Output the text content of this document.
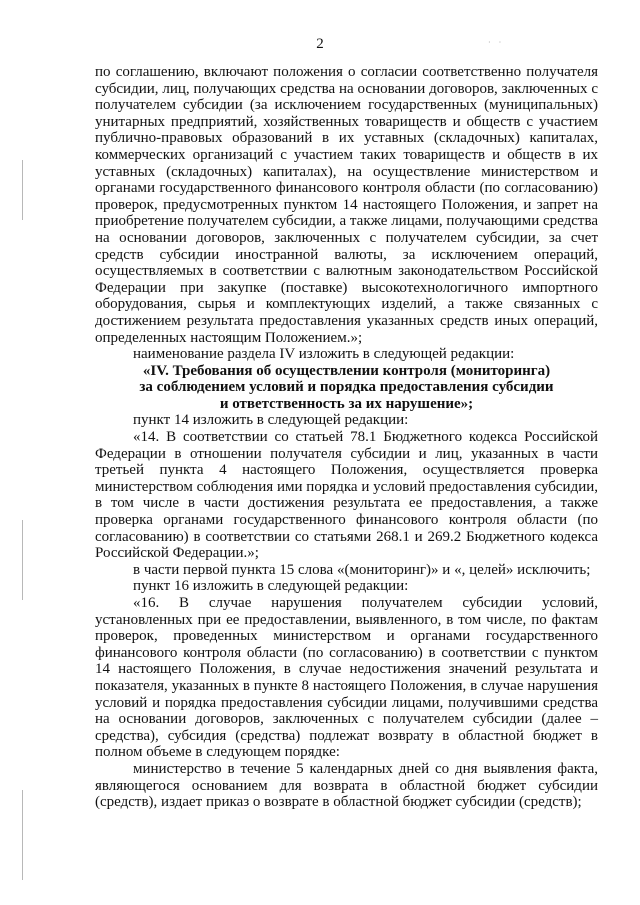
2	· ·

по соглашению, включают положения о согласии соответственно получателя субсидии, лиц, получающих средства на основании договоров, заключенных с получателем субсидии (за исключением государственных (муниципальных) унитарных предприятий, хозяйственных товариществ и обществ с участием публично-правовых образований в их уставных (складочных) капиталах, коммерческих организаций с участием таких товариществ и обществ в их уставных (складочных) капиталах), на осуществление министерством и органами государственного финансового контроля области (по согласованию) проверок, предусмотренных пунктом 14 настоящего Положения, и запрет на приобретение получателем субсидии, а также лицами, получающими средства на основании договоров, заключенных с получателем субсидии, за счет средств субсидии иностранной валюты, за исключением операций, осуществляемых в соответствии с валютным законодательством Российской Федерации при закупке (поставке) высокотехнологичного импортного оборудования, сырья и комплектующих изделий, а также связанных с достижением результата предоставления указанных средств иных операций, определенных настоящим Положением.»;

наименование раздела IV изложить в следующей редакции:

«IV. Требования об осуществлении контроля (мониторинга)
за соблюдением условий и порядка предоставления субсидии
и ответственность за их нарушение»;

пункт 14 изложить в следующей редакции:

«14. В соответствии со статьей 78.1 Бюджетного кодекса Российской Федерации в отношении получателя субсидии и лиц, указанных в части третьей пункта 4 настоящего Положения, осуществляется проверка министерством соблюдения ими порядка и условий предоставления субсидии, в том числе в части достижения результата ее предоставления, а также проверка органами государственного финансового контроля области (по согласованию) в соответствии со статьями 268.1 и 269.2 Бюджетного кодекса Российской Федерации.»;

в части первой пункта 15 слова «(мониторинг)» и «, целей» исключить;

пункт 16 изложить в следующей редакции:

«16. В случае нарушения получателем субсидии условий, установленных при ее предоставлении, выявленного, в том числе, по фактам проверок, проведенных министерством и органами государственного финансового контроля области (по согласованию) в соответствии с пунктом 14 настоящего Положения, в случае недостижения значений результата и показателя, указанных в пункте 8 настоящего Положения, в случае нарушения условий и порядка предоставления субсидии лицами, получившими средства на основании договоров, заключенных с получателем субсидии (далее – средства), субсидия (средства) подлежат возврату в областной бюджет в полном объеме в следующем порядке:

министерство в течение 5 календарных дней со дня выявления факта, являющегося основанием для возврата в областной бюджет субсидии (средств), издает приказ о возврате в областной бюджет субсидии (средств);
